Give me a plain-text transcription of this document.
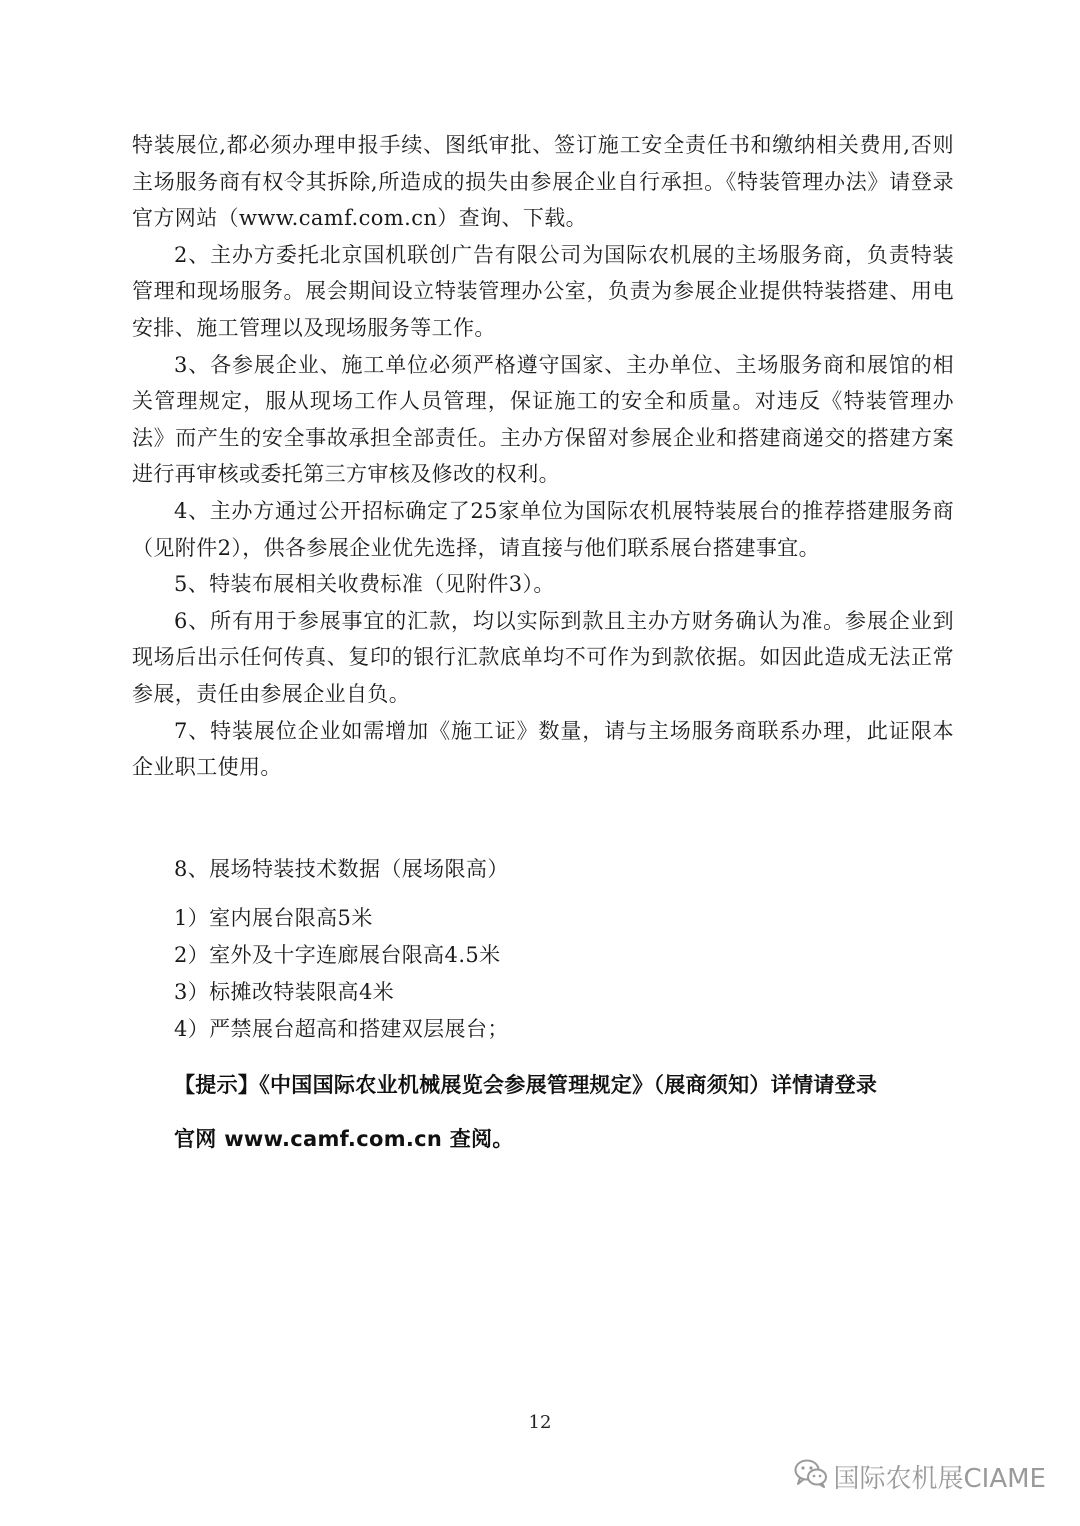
特装展位,都必须办理申报手续、图纸审批、签订施工安全责任书和缴纳相关费用,否则主场服务商有权令其拆除,所造成的损失由参展企业自行承担。《特装管理办法》请登录官方网站（www.camf.com.cn）查询、下载。

2、主办方委托北京国机联创广告有限公司为国际农机展的主场服务商，负责特装管理和现场服务。展会期间设立特装管理办公室，负责为参展企业提供特装搭建、用电安排、施工管理以及现场服务等工作。

3、各参展企业、施工单位必须严格遵守国家、主办单位、主场服务商和展馆的相关管理规定，服从现场工作人员管理，保证施工的安全和质量。对违反《特装管理办法》而产生的安全事故承担全部责任。主办方保留对参展企业和搭建商递交的搭建方案进行再审核或委托第三方审核及修改的权利。

4、主办方通过公开招标确定了25家单位为国际农机展特装展台的推荐搭建服务商（见附件2），供各参展企业优先选择，请直接与他们联系展台搭建事宜。

5、特装布展相关收费标准（见附件3）。

6、所有用于参展事宜的汇款，均以实际到款且主办方财务确认为准。参展企业到现场后出示任何传真、复印的银行汇款底单均不可作为到款依据。如因此造成无法正常参展，责任由参展企业自负。

7、特装展位企业如需增加《施工证》数量，请与主场服务商联系办理，此证限本企业职工使用。

8、展场特装技术数据（展场限高）

1）室内展台限高5米

2）室外及十字连廊展台限高4.5米

3）标摊改特装限高4米

4）严禁展台超高和搭建双层展台；

【提示】《中国国际农业机械展览会参展管理规定》（展商须知）详情请登录

官网 www.camf.com.cn 查阅。

12
国际农机展CIAME
